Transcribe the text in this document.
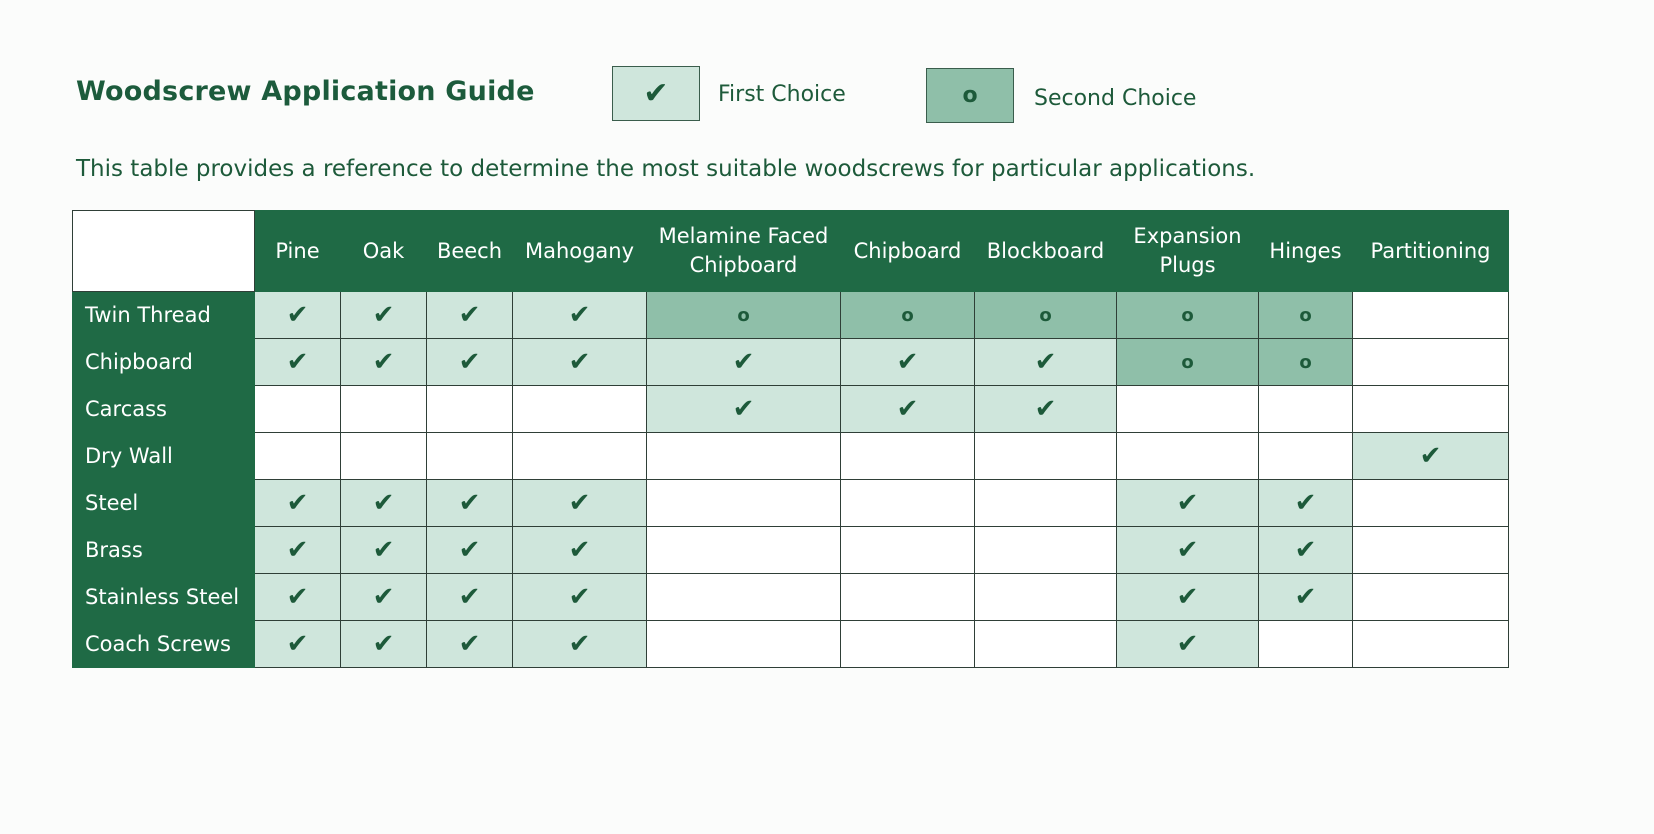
Woodscrew Application Guide	✔ First Choice	o	Second Choice
This table provides a reference to determine the most suitable woodscrews for particular applications.
	Pine	Oak	Beech	Mahogany	Melamine Faced Chipboard	Chipboard	Blockboard	Expansion Plugs	Hinges	Partitioning
Twin Thread	✔	✔	✔	✔	o	o	o	o	o	
Chipboard	✔	✔	✔	✔	✔	✔	✔	o	o	
Carcass					✔	✔	✔			
Dry Wall										✔
Steel	✔	✔	✔	✔				✔	✔	
Brass	✔	✔	✔	✔				✔	✔	
Stainless Steel	✔	✔	✔	✔				✔	✔	
Coach Screws	✔	✔	✔	✔				✔		
